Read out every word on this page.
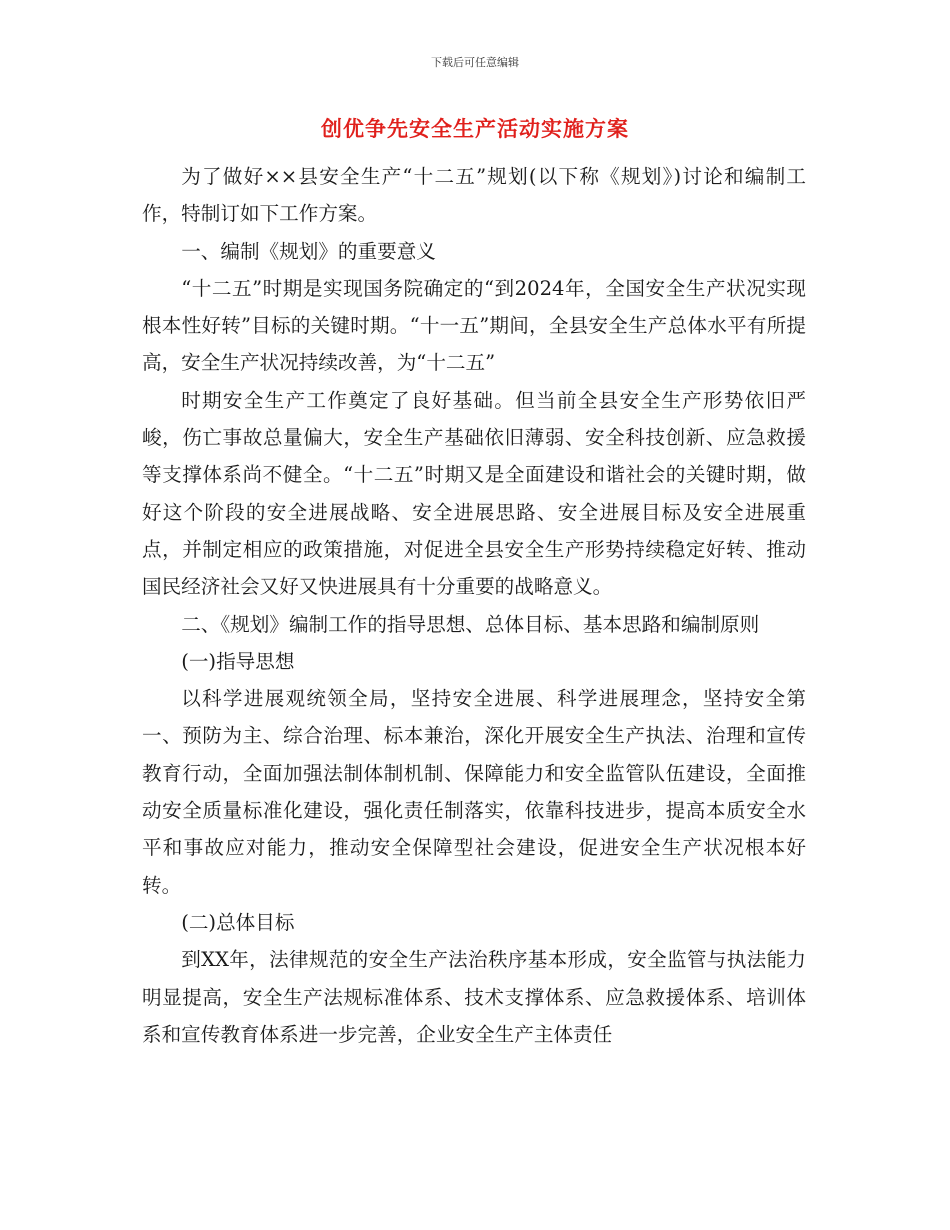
下载后可任意编辑
创优争先安全生产活动实施方案

为了做好××县安全生产“十二五”规划(以下称《规划》)讨论和编制工作，特制订如下工作方案。

一、编制《规划》的重要意义

“十二五”时期是实现国务院确定的“到2024年，全国安全生产状况实现根本性好转”目标的关键时期。“十一五”期间，全县安全生产总体水平有所提高，安全生产状况持续改善，为“十二五”

时期安全生产工作奠定了良好基础。但当前全县安全生产形势依旧严峻，伤亡事故总量偏大，安全生产基础依旧薄弱、安全科技创新、应急救援等支撑体系尚不健全。“十二五”时期又是全面建设和谐社会的关键时期，做好这个阶段的安全进展战略、安全进展思路、安全进展目标及安全进展重点，并制定相应的政策措施，对促进全县安全生产形势持续稳定好转、推动国民经济社会又好又快进展具有十分重要的战略意义。

二、《规划》编制工作的指导思想、总体目标、基本思路和编制原则

(一)指导思想

以科学进展观统领全局，坚持安全进展、科学进展理念，坚持安全第一、预防为主、综合治理、标本兼治，深化开展安全生产执法、治理和宣传教育行动，全面加强法制体制机制、保障能力和安全监管队伍建设，全面推动安全质量标准化建设，强化责任制落实，依靠科技进步，提高本质安全水平和事故应对能力，推动安全保障型社会建设，促进安全生产状况根本好转。

(二)总体目标

到XX年，法律规范的安全生产法治秩序基本形成，安全监管与执法能力明显提高，安全生产法规标准体系、技术支撑体系、应急救援体系、培训体系和宣传教育体系进一步完善，企业安全生产主体责任
